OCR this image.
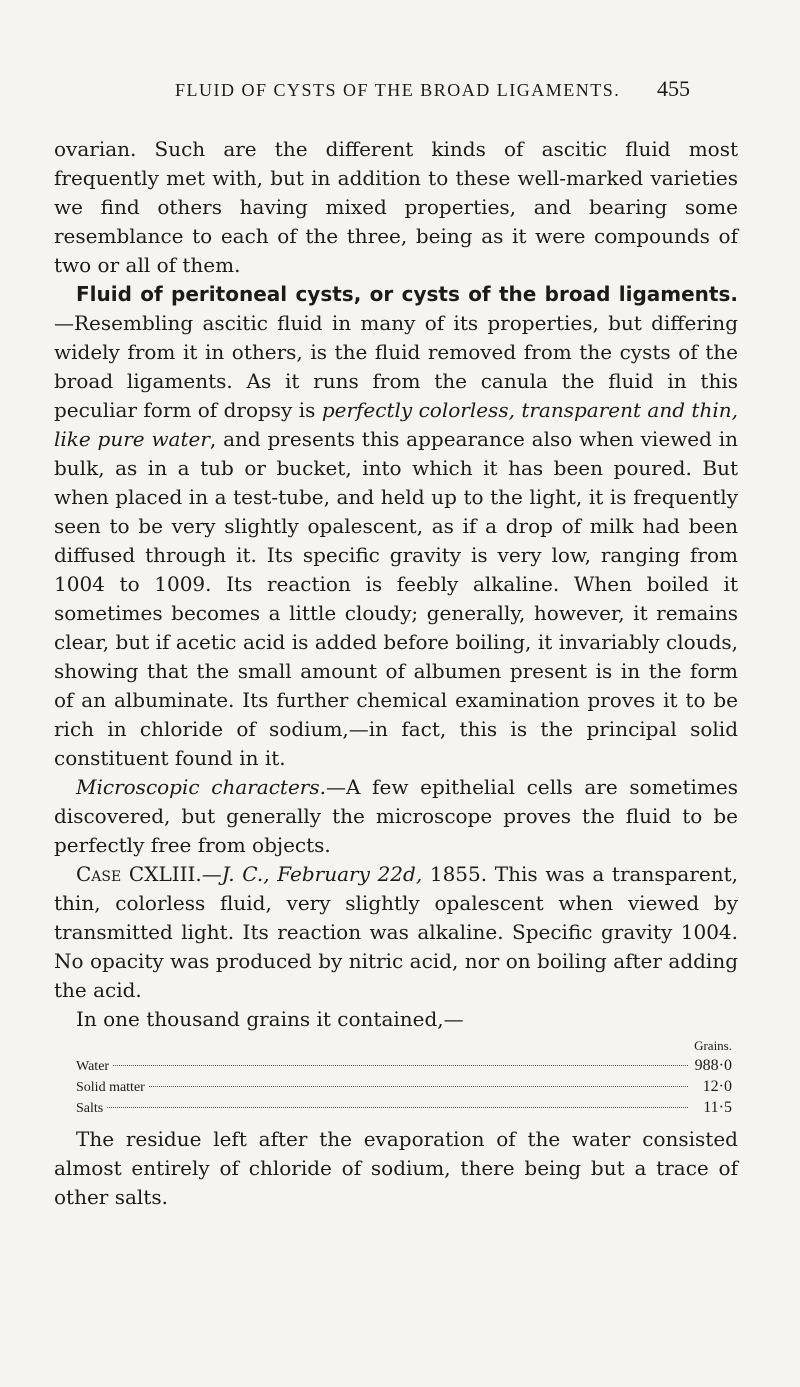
FLUID OF CYSTS OF THE BROAD LIGAMENTS. 455

ovarian. Such are the different kinds of ascitic fluid most frequently met with, but in addition to these well-marked varieties we find others having mixed properties, and bearing some resemblance to each of the three, being as it were compounds of two or all of them.

Fluid of peritoneal cysts, or cysts of the broad ligaments.—Resembling ascitic fluid in many of its properties, but differing widely from it in others, is the fluid removed from the cysts of the broad ligaments. As it runs from the canula the fluid in this peculiar form of dropsy is perfectly colorless, transparent and thin, like pure water, and presents this appearance also when viewed in bulk, as in a tub or bucket, into which it has been poured. But when placed in a test-tube, and held up to the light, it is frequently seen to be very slightly opalescent, as if a drop of milk had been diffused through it. Its specific gravity is very low, ranging from 1004 to 1009. Its reaction is feebly alkaline. When boiled it sometimes becomes a little cloudy; generally, however, it remains clear, but if acetic acid is added before boiling, it invariably clouds, showing that the small amount of albumen present is in the form of an albuminate. Its further chemical examination proves it to be rich in chloride of sodium,—in fact, this is the principal solid constituent found in it.

Microscopic characters.—A few epithelial cells are sometimes discovered, but generally the microscope proves the fluid to be perfectly free from objects.

Case CXLIII.—J. C., February 22d, 1855. This was a transparent, thin, colorless fluid, very slightly opalescent when viewed by transmitted light. Its reaction was alkaline. Specific gravity 1004. No opacity was produced by nitric acid, nor on boiling after adding the acid.

In one thousand grains it contained,—

Grains.
Water	988·0
Solid matter	12·0
Salts	11·5

The residue left after the evaporation of the water consisted almost entirely of chloride of sodium, there being but a trace of other salts.
